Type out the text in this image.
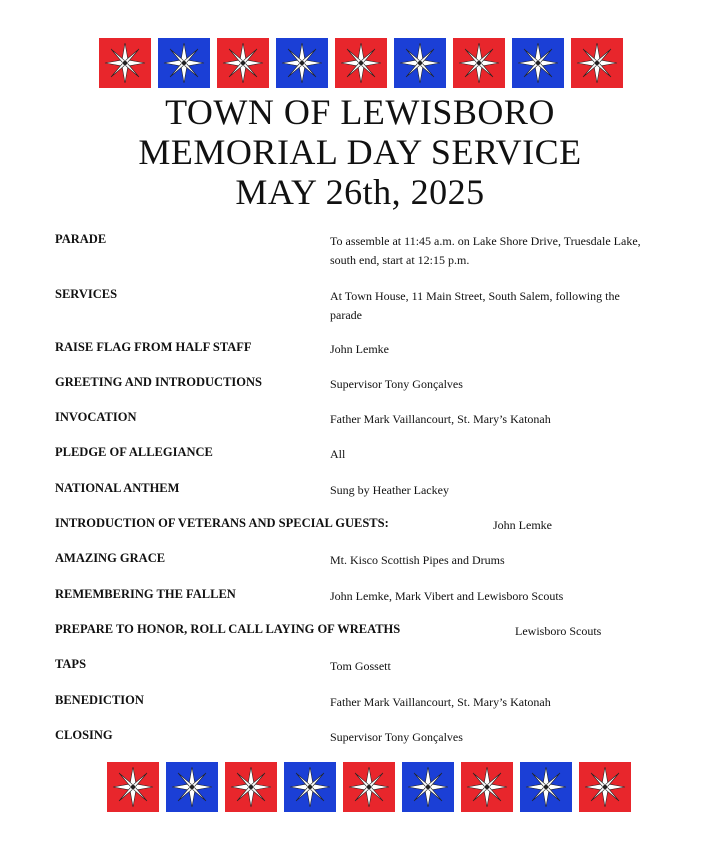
TOWN OF LEWISBORO
MEMORIAL DAY SERVICE
MAY 26th, 2025
PARADE	To assemble at 11:45 a.m. on Lake Shore Drive, Truesdale Lake, south end, start at 12:15 p.m.
SERVICES	At Town House, 11 Main Street, South Salem, following the parade
RAISE FLAG FROM HALF STAFF	John Lemke
GREETING AND INTRODUCTIONS	Supervisor Tony Gonçalves
INVOCATION	Father Mark Vaillancourt, St. Mary’s Katonah
PLEDGE OF ALLEGIANCE	All
NATIONAL ANTHEM	Sung by Heather Lackey
INTRODUCTION OF VETERANS AND SPECIAL GUESTS:	John Lemke
AMAZING GRACE	Mt. Kisco Scottish Pipes and Drums
REMEMBERING THE FALLEN	John Lemke, Mark Vibert and Lewisboro Scouts
PREPARE TO HONOR, ROLL CALL LAYING OF WREATHS	Lewisboro Scouts
TAPS	Tom Gossett
BENEDICTION	Father Mark Vaillancourt, St. Mary’s Katonah
CLOSING	Supervisor Tony Gonçalves
